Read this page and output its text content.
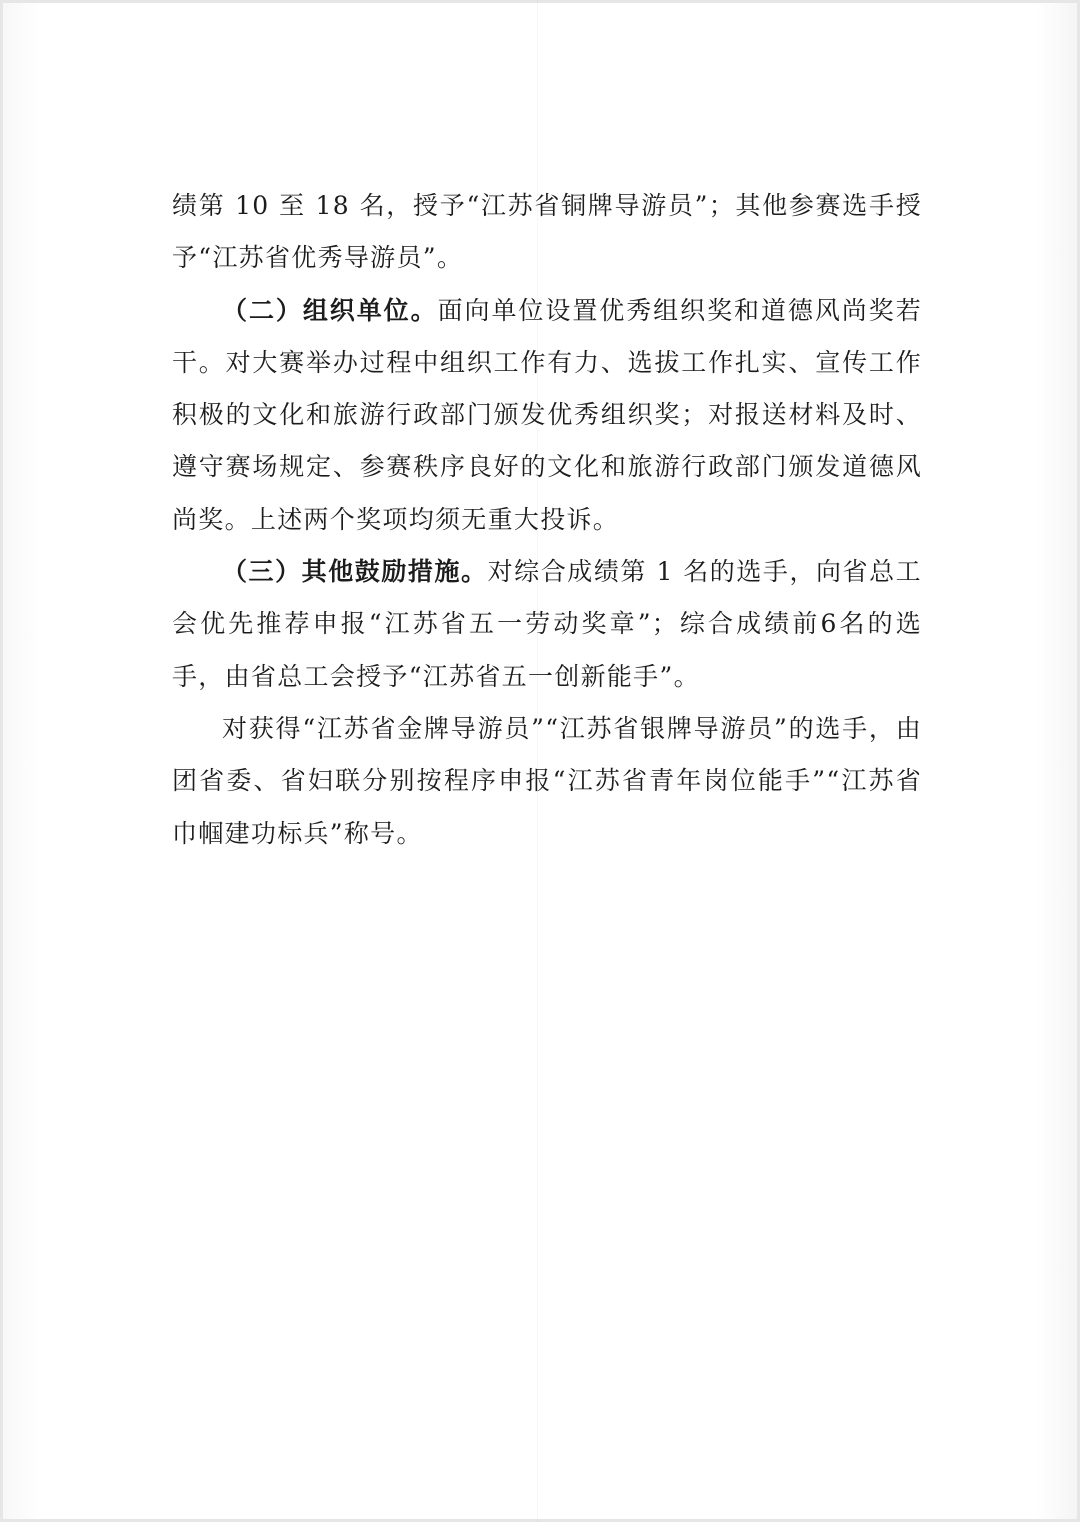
绩第 10 至 18 名，授予“江苏省铜牌导游员”；其他参赛选手授予“江苏省优秀导游员”。

（二）组织单位。面向单位设置优秀组织奖和道德风尚奖若干。对大赛举办过程中组织工作有力、选拔工作扎实、宣传工作积极的文化和旅游行政部门颁发优秀组织奖；对报送材料及时、遵守赛场规定、参赛秩序良好的文化和旅游行政部门颁发道德风尚奖。上述两个奖项均须无重大投诉。

（三）其他鼓励措施。对综合成绩第 1 名的选手，向省总工会优先推荐申报“江苏省五一劳动奖章”；综合成绩前6名的选手，由省总工会授予“江苏省五一创新能手”。

对获得“江苏省金牌导游员”“江苏省银牌导游员”的选手，由团省委、省妇联分别按程序申报“江苏省青年岗位能手”“江苏省巾帼建功标兵”称号。
